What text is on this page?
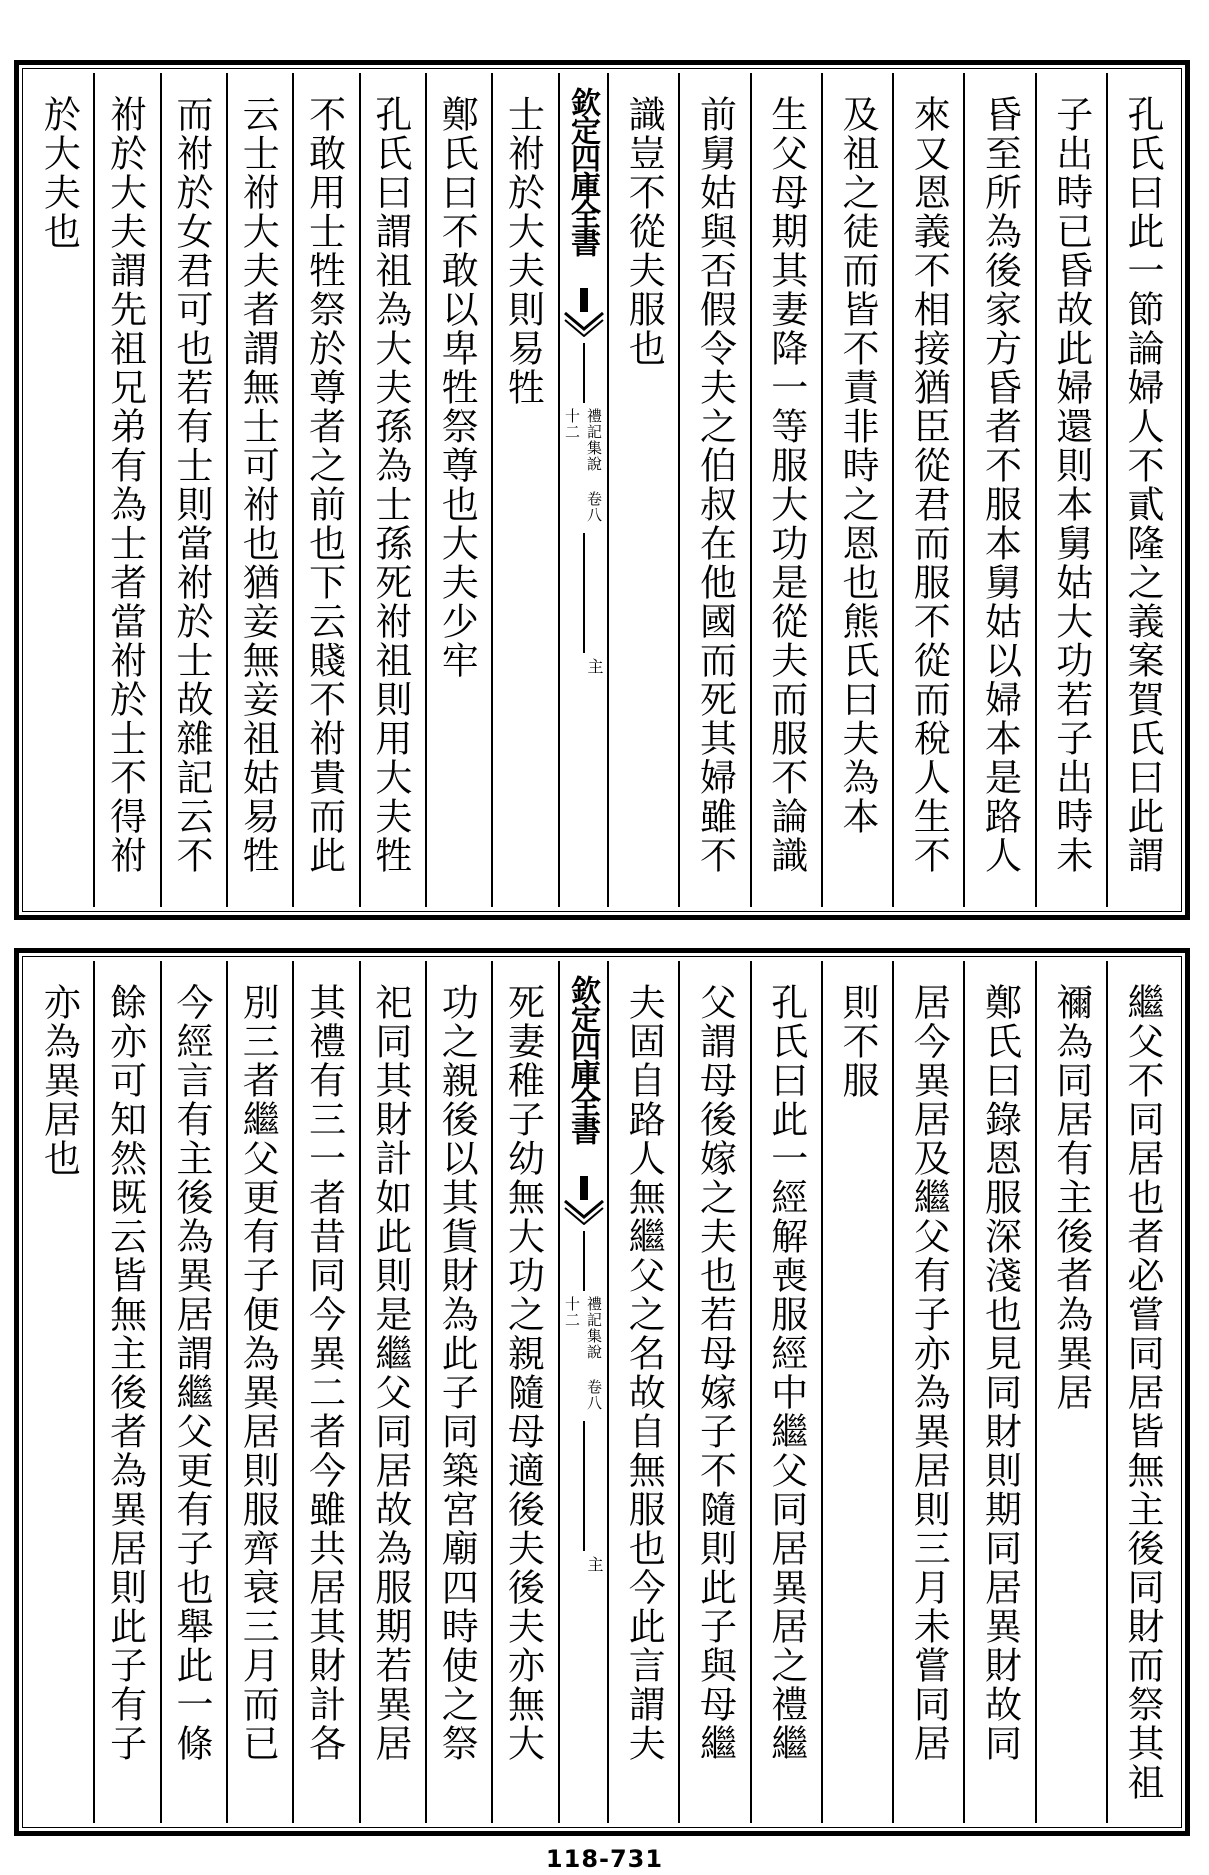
孔氏曰此一節論婦人不貳隆之義案賀氏曰此謂
子出時已昏故此婦還則本舅姑大功若子出時未
昏至所為後家方昏者不服本舅姑以婦本是路人
來又恩義不相接猶臣從君而服不從而稅人生不
及祖之徒而皆不責非時之恩也熊氏曰夫為本
生父母期其妻降一等服大功是從夫而服不論識
前舅姑與否假令夫之伯叔在他國而死其婦雖不
識豈不從夫服也
欽定四庫全書
禮記集說 卷八十二
主
士祔於大夫則易牲
鄭氏曰不敢以卑牲祭尊也大夫少牢
孔氏曰謂祖為大夫孫為士孫死祔祖則用大夫牲
不敢用士牲祭於尊者之前也下云賤不祔貴而此
云士祔大夫者謂無士可祔也猶妾無妾祖姑易牲
而祔於女君可也若有士則當祔於士故雜記云不
祔於大夫謂先祖兄弟有為士者當祔於士不得祔
於大夫也
繼父不同居也者必嘗同居皆無主後同財而祭其祖
禰為同居有主後者為異居
鄭氏曰錄恩服深淺也見同財則期同居異財故同
居今異居及繼父有子亦為異居則三月未嘗同居
則不服
孔氏曰此一經解喪服經中繼父同居異居之禮繼
父謂母後嫁之夫也若母嫁子不隨則此子與母繼
夫固自路人無繼父之名故自無服也今此言謂夫
欽定四庫全書
禮記集說 卷八十二
主
死妻稚子幼無大功之親隨母適後夫後夫亦無大
功之親後以其貨財為此子同築宮廟四時使之祭
祀同其財計如此則是繼父同居故為服期若異居
其禮有三一者昔同今異二者今雖共居其財計各
別三者繼父更有子便為異居則服齊衰三月而已
今經言有主後為異居謂繼父更有子也舉此一條
餘亦可知然既云皆無主後者為異居則此子有子
亦為異居也
118-731
